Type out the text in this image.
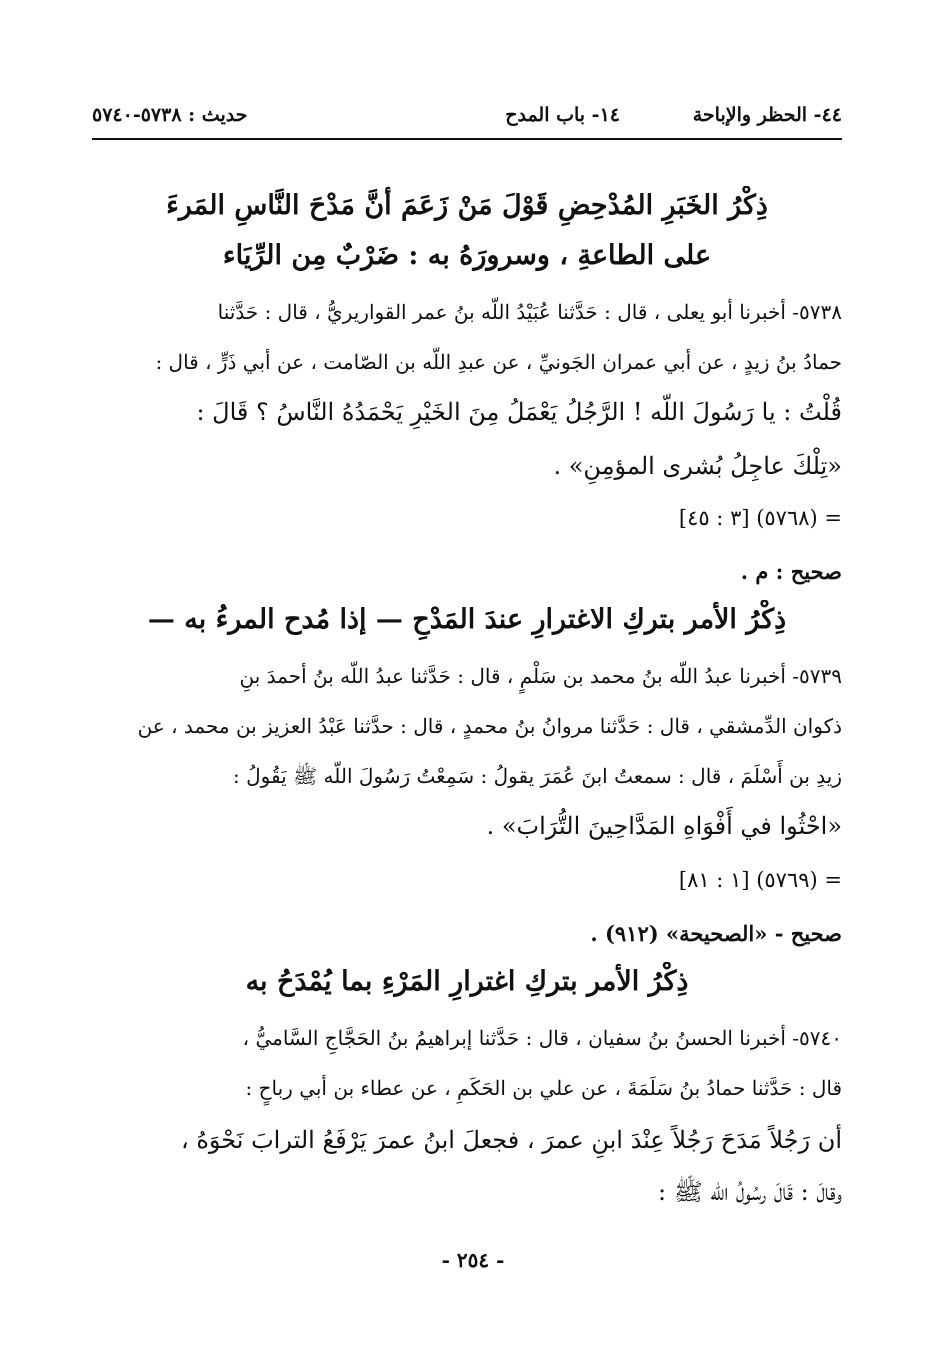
٤٤- الحظر والإباحة
١٤- باب المدح
حديث : ٥٧٣٨-٥٧٤٠
ذِكْرُ الخَبَرِ المُدْحِضِ قَوْلَ مَنْ زَعَمَ أنَّ مَدْحَ النَّاسِ المَرءَ
على الطاعةِ ، وسرورَهُ به : ضَرْبٌ مِن الرِّيَاء
٥٧٣٨- أخبرنا أبو يعلى ، قال : حَدَّثنا عُبَيْدُ اللّه بنُ عمر القواريريُّ ، قال : حَدَّثنا
حمادُ بنُ زيدٍ ، عن أبي عمران الجَونيِّ ، عن عبدِ اللّه بن الصّامت ، عن أبي ذَرٍّ ، قال :
قُلْتُ : يا رَسُولَ اللّه ! الرَّجُلُ يَعْمَلُ مِنَ الخَيْرِ يَحْمَدُهُ النَّاسُ ؟ قَالَ :
«تِلْكَ عاجِلُ بُشرى المؤمِنِ» .
= (٥٧٦٨) [٣ : ٤٥]
صحيح : م .
ذِكْرُ الأمر بتركِ الاغترارِ عندَ المَدْحِ — إذا مُدح المرءُ به —
٥٧٣٩- أخبرنا عبدُ اللّه بنُ محمد بن سَلْمٍ ، قال : حَدَّثنا عبدُ اللّه بنُ أحمدَ بنِ
ذكوان الدِّمشقي ، قال : حَدَّثنا مروانُ بنُ محمدٍ ، قال : حدَّثنا عَبْدُ العزيز بن محمد ، عن
زيدِ بن أَسْلَمَ ، قال : سمعتُ ابنَ عُمَرَ يقولُ : سَمِعْتُ رَسُولَ اللّه ﷺ يَقُولُ :
«احْثُوا في أَفْوَاهِ المَدَّاحِينَ التُّرَابَ» .
= (٥٧٦٩) [١ : ٨١]
صحيح - «الصحيحة» (٩١٢) .
ذِكْرُ الأمر بتركِ اغترارِ المَرْءِ بما يُمْدَحُ به
٥٧٤٠- أخبرنا الحسنُ بنُ سفيان ، قال : حَدَّثنا إبراهيمُ بنُ الحَجَّاجِ السَّاميُّ ،
قال : حَدَّثنا حمادُ بنُ سَلَمَةَ ، عن علي بن الحَكَمِ ، عن عطاء بن أبي رباحٍ :
أن رَجُلاً مَدَحَ رَجُلاً عِنْدَ ابنِ عمرَ ، فجعلَ ابنُ عمرَ يَرْفَعُ الترابَ نَحْوَهُ ،
وقالَ : قَالَ رسُولُ اللّه ﷺ :
- ٢٥٤ -
